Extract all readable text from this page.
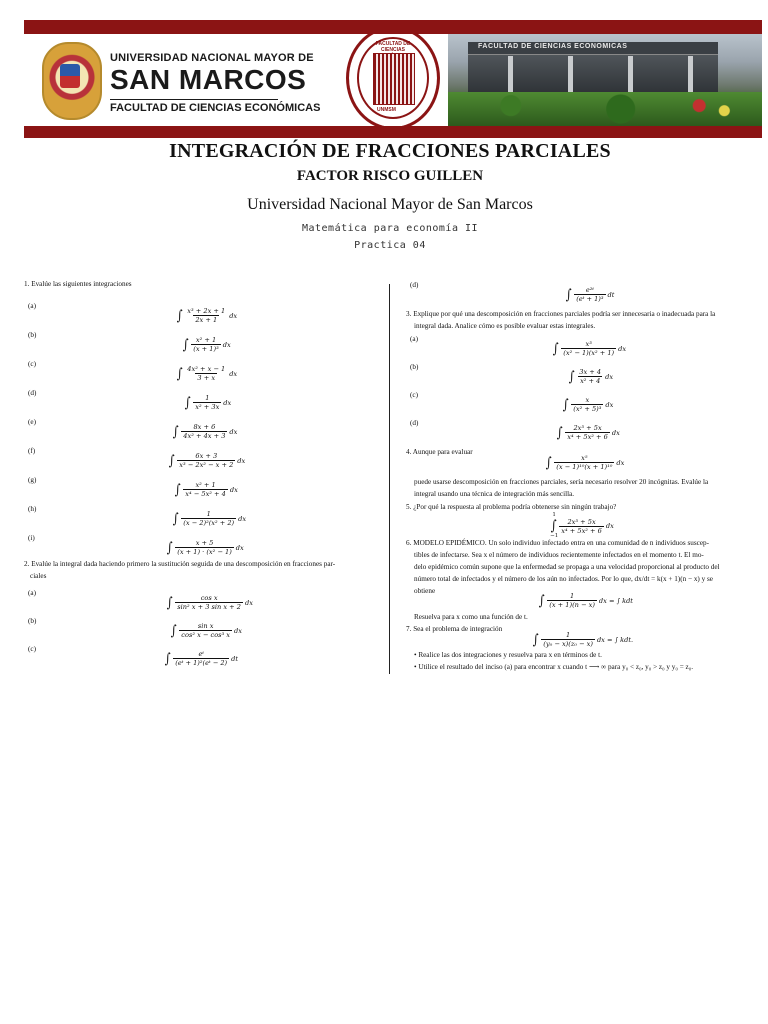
UNIVERSIDAD NACIONAL MAYOR DE
SAN MARCOS
FACULTAD DE CIENCIAS ECONÓMICAS
FACULTAD DE CIENCIAS
UNMSM
FACULTAD DE CIENCIAS ECONOMICAS
INTEGRACIÓN DE FRACCIONES PARCIALES
FACTOR RISCO GUILLEN
Universidad Nacional Mayor de San Marcos
Matemática para economía II
Practica 04
1. Evalúe las siguientes integraciones
(a)
∫ $\frac{\text{x³ + 2x + 1}}{2x + 1}$ dx
(b)
∫ $\frac{\text{x² + 1}}{\text{(x + 1)³}}$ dx
(c)
∫ $\frac{\text{4x² + x − 1}}{3 + x}$ dx
(d)
∫ $\frac{1}{\text{x² + 3x}}$ dx
(e)
∫ $\frac{8x + 6}{\text{4x² + 4x + 3}}$ dx
(f)
∫ $\frac{6x + 3}{\text{x³ − 2x² − x + 2}}$ dx
(g)
∫ $\frac{\text{x² + 1}}{\text{x⁴ − 5x² + 4}}$ dx
(h)
∫ $\frac{1}{\text{(x − 2)²(x² + 2)}}$ dx
(i)
∫ $\frac{x + 5}{\text{(x + 1) · (x² − 1)}}$ dx
2. Evalúe la integral dada haciendo primero la sustitución seguida de una descomposición en fracciones par-
ciales
(a)
∫ $\frac{\text{cos x}}{\text{sin² x + 3 sin x + 2}}$ dx
(b)
∫ $\frac{\text{sin x}}{\text{cos² x − cos³ x}}$ dx
(c)
∫ $\frac{\text{eᵗ}}{\text{(eᵗ + 1)²(eᵗ − 2)}}$ dt
(d)
∫ $\frac{\text{e²ᵗ}}{\text{(eᵗ + 1)³}}$ dt
3. Explique por qué una descomposición en fracciones parciales podría ser innecesaria o inadecuada para la
integral dada. Analice cómo es posible evaluar estas integrales.
(a)
∫ $\frac{\text{x³}}{\text{(x² − 1)(x² + 1)}}$ dx
(b)
∫ $\frac{3x + 4}{\text{x² + 4}}$ dx
(c)
∫ $\frac{x}{\text{(x² + 5)³}}$ dx
(d)
∫ $\frac{\text{2x³ + 5x}}{\text{x⁴ + 5x² + 6}}$ dx
4. Aunque para evaluar
∫ $\frac{\text{x⁵}}{\text{(x − 1)¹⁰(x + 1)¹⁰}}$ dx
puede usarse descomposición en fracciones parciales, sería necesario resolver 20 incógnitas. Evalúe la
integral usando una técnica de integración más sencilla.
5. ¿Por qué la respuesta al problema podría obtenerse sin ningún trabajo?
1
∫
−1
$\frac{\text{2x³ + 5x}}{\text{x⁴ + 5x² + 6}}$ dx
6. MODELO EPIDÉMICO. Un solo individuo infectado entra en una comunidad de n individuos suscep-
tibles de infectarse. Sea x el número de individuos recientemente infectados en el momento t. El mo-
delo epidémico común supone que la enfermedad se propaga a una velocidad proporcional al producto del
número total de infectados y el número de los aún no infectados. Por lo que, dx/dt = k(x + 1)(n − x) y se
obtiene
∫ $\frac{1}{(x + 1)(n - x)}$ dx = ∫ kdt
Resuelva para x como una función de t.
7. Sea el problema de integración
∫ $\frac{1}{\text{(y₀ − x)(z₀ − x)}}$ dx = ∫ kdt.
• Realice las dos integraciones y resuelva para x en términos de t.
• Utilice el resultado del inciso (a) para encontrar x cuando t ⟶ ∞ para y₀ < z₀, y₀ > z₀ y y₀ = z₀.
